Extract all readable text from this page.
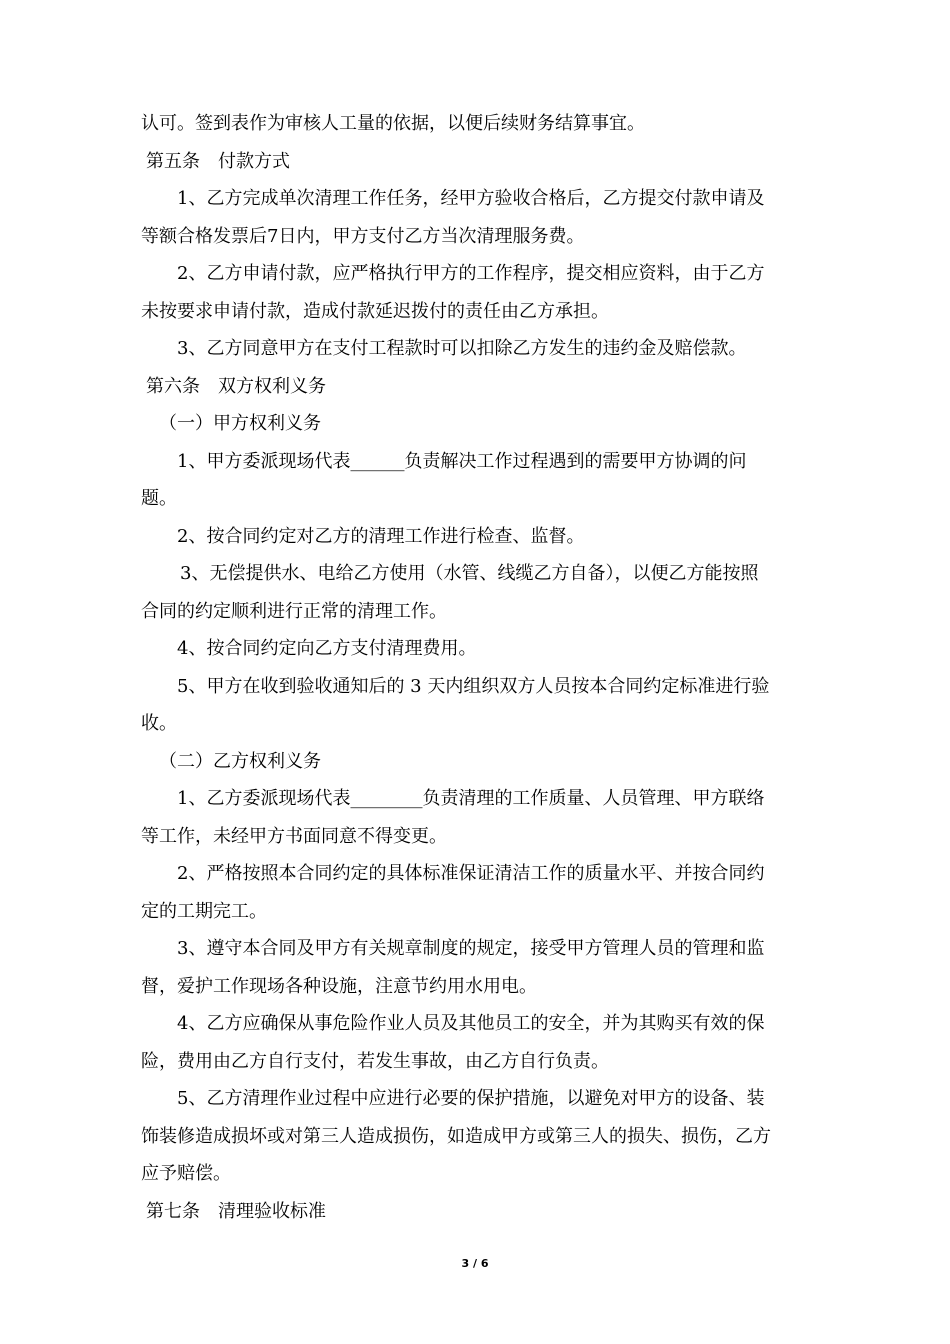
认可。签到表作为审核人工量的依据，以便后续财务结算事宜。
第五条　付款方式
1、乙方完成单次清理工作任务，经甲方验收合格后，乙方提交付款申请及
等额合格发票后7日内，甲方支付乙方当次清理服务费。
2、乙方申请付款，应严格执行甲方的工作程序，提交相应资料，由于乙方
未按要求申请付款，造成付款延迟拨付的责任由乙方承担。
3、乙方同意甲方在支付工程款时可以扣除乙方发生的违约金及赔偿款。
第六条　双方权利义务
（一）甲方权利义务
1、甲方委派现场代表______负责解决工作过程遇到的需要甲方协调的问
题。
2、按合同约定对乙方的清理工作进行检查、监督。
3、无偿提供水、电给乙方使用（水管、线缆乙方自备），以便乙方能按照
合同的约定顺利进行正常的清理工作。
4、按合同约定向乙方支付清理费用。
5、甲方在收到验收通知后的 3 天内组织双方人员按本合同约定标准进行验
收。
（二）乙方权利义务
1、乙方委派现场代表________负责清理的工作质量、人员管理、甲方联络
等工作，未经甲方书面同意不得变更。
2、严格按照本合同约定的具体标准保证清洁工作的质量水平、并按合同约
定的工期完工。
3、遵守本合同及甲方有关规章制度的规定，接受甲方管理人员的管理和监
督，爱护工作现场各种设施，注意节约用水用电。
4、乙方应确保从事危险作业人员及其他员工的安全，并为其购买有效的保
险，费用由乙方自行支付，若发生事故，由乙方自行负责。
5、乙方清理作业过程中应进行必要的保护措施，以避免对甲方的设备、装
饰装修造成损坏或对第三人造成损伤，如造成甲方或第三人的损失、损伤，乙方
应予赔偿。
第七条　清理验收标准
3 / 6
